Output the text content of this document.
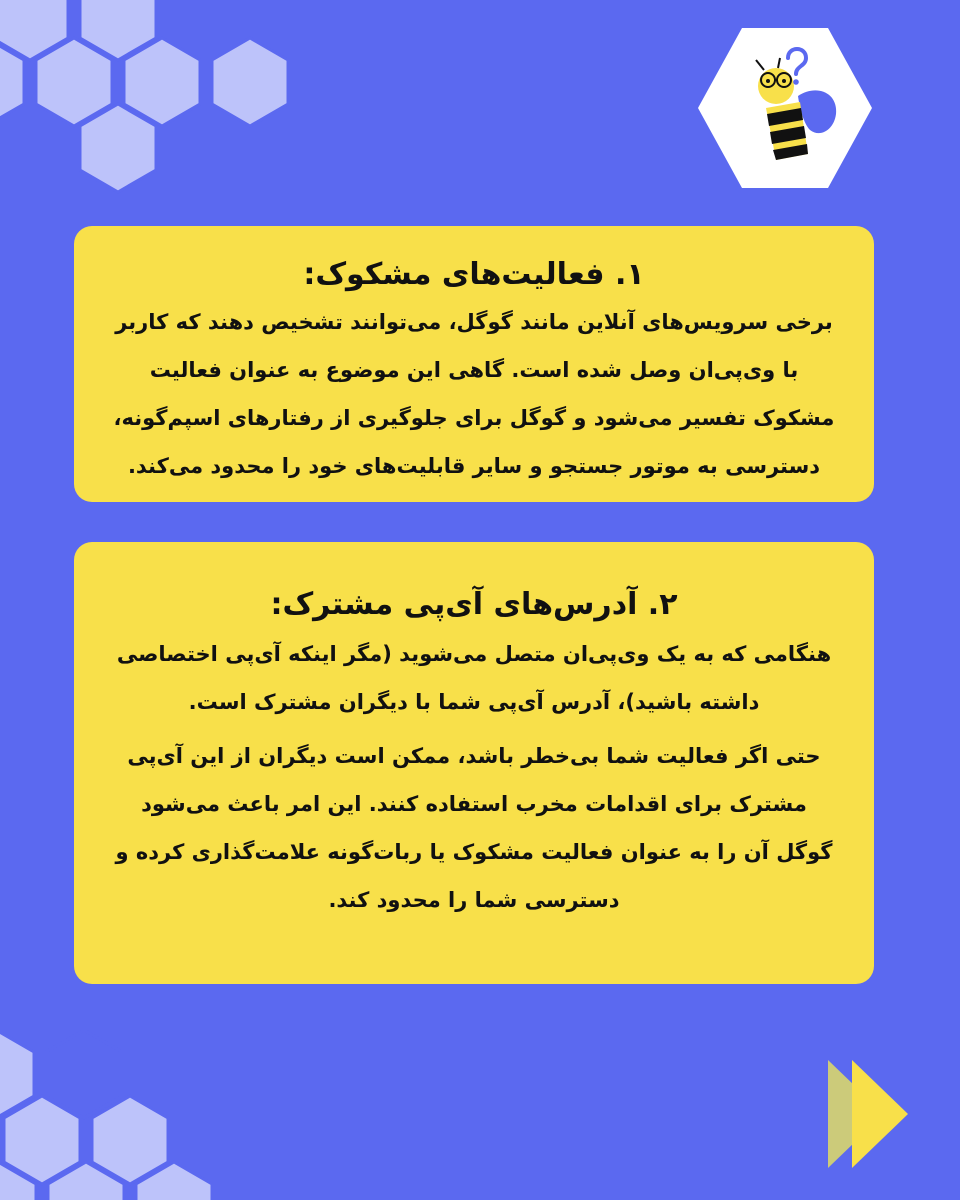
۱. فعالیت‌های مشکوک:

برخی سرویس‌های آنلاین مانند گوگل، می‌توانند تشخیص دهند که کاربر با وی‌پی‌ان وصل شده است. گاهی این موضوع به عنوان فعالیت مشکوک تفسیر می‌شود و گوگل برای جلوگیری از رفتارهای اسپم‌گونه، دسترسی به موتور جستجو و سایر قابلیت‌های خود را محدود می‌کند.

۲. آدرس‌های آی‌پی مشترک:

هنگامی که به یک وی‌پی‌ان متصل می‌شوید (مگر اینکه آی‌پی اختصاصی داشته باشید)، آدرس آی‌پی شما با دیگران مشترک است.

حتی اگر فعالیت شما بی‌خطر باشد، ممکن است دیگران از این آی‌پی مشترک برای اقدامات مخرب استفاده کنند. این امر باعث می‌شود گوگل آن را به عنوان فعالیت مشکوک یا ربات‌گونه علامت‌گذاری کرده و دسترسی شما را محدود کند.
